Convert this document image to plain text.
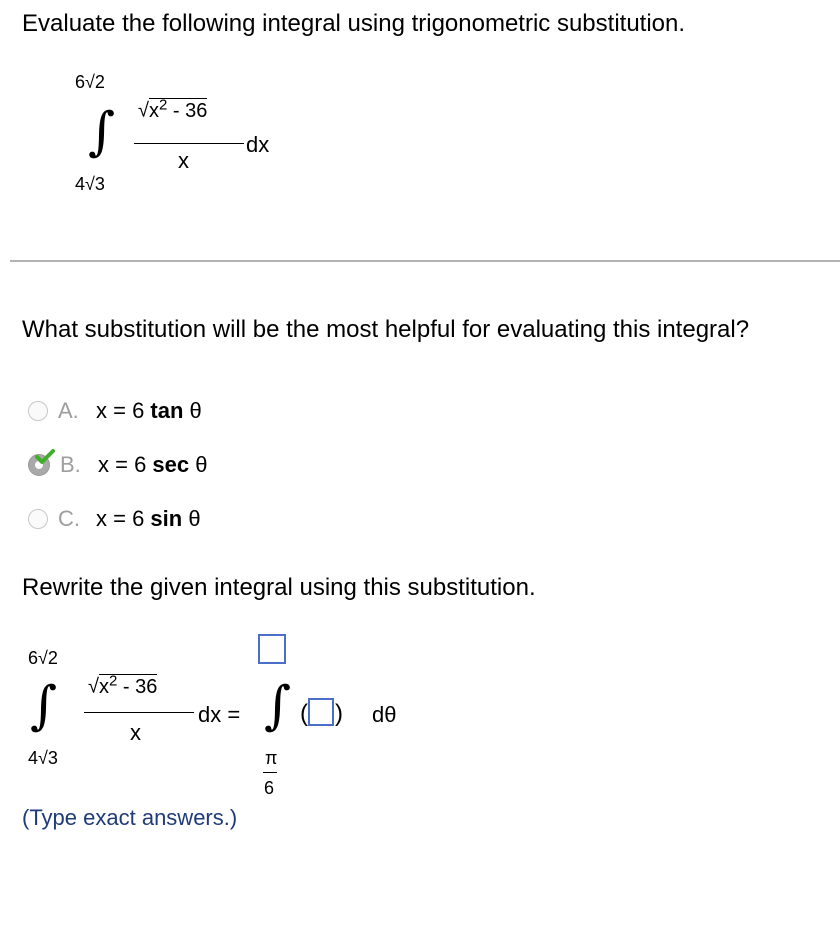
Evaluate the following integral using trigonometric substitution.
6√2
∫
4√3
$√x^2 - 36$
x
dx
What substitution will be the most helpful for evaluating this integral?
A. x = 6 tan θ
B. x = 6 sec θ
C. x = 6 sin θ
Rewrite the given integral using this substitution.
6√2
∫
4√3
$√x^2 - 36$
x
dx = ∫ ( ) dθ
π
6
(Type exact answers.)
